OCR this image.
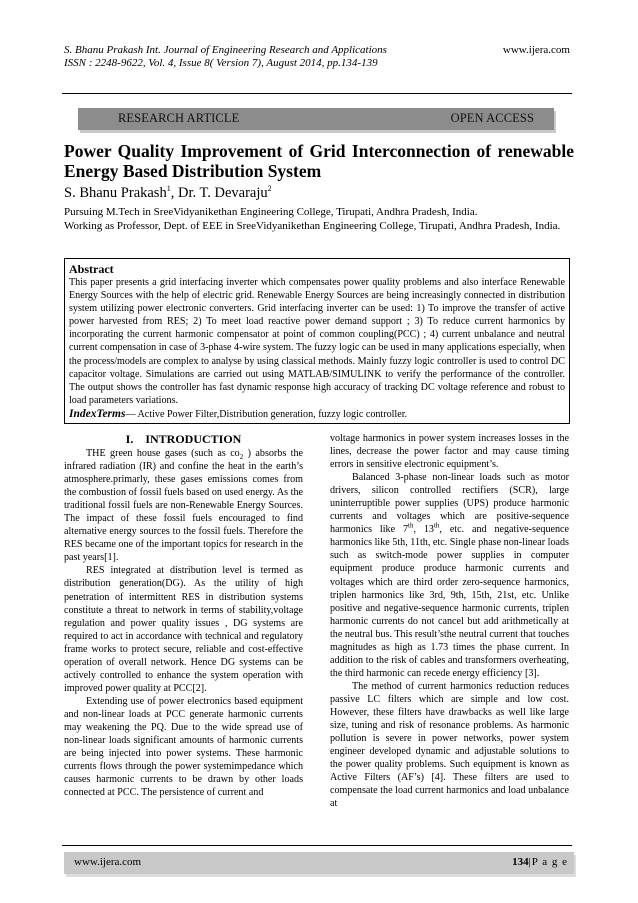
S. Bhanu Prakash Int. Journal of Engineering Research and Applications
ISSN : 2248-9622, Vol. 4, Issue 8( Version 7), August 2014, pp.134-139
www.ijera.com
RESEARCH ARTICLE	OPEN ACCESS
Power Quality Improvement of Grid Interconnection of renewable Energy Based Distribution System
S. Bhanu Prakash$^1$, Dr. T. Devaraju$^2$
Pursuing M.Tech in SreeVidyanikethan Engineering College, Tirupati, Andhra Pradesh, India.
Working as Professor, Dept. of EEE in SreeVidyanikethan Engineering College, Tirupati, Andhra Pradesh, India.
Abstract
This paper presents a grid interfacing inverter which compensates power quality problems and also interface Renewable Energy Sources with the help of electric grid. Renewable Energy Sources are being increasingly connected in distribution system utilizing power electronic converters. Grid interfacing inverter can be used: 1) To improve the transfer of active power harvested from RES; 2) To meet load reactive power demand support ; 3) To reduce current harmonics by incorporating the current harmonic compensator at point of common coupling(PCC) ; 4) current unbalance and neutral current compensation in case of 3-phase 4-wire system. The fuzzy logic can be used in many applications especially, when the process/models are complex to analyse by using classical methods. Mainly fuzzy logic controller is used to control DC capacitor voltage. Simulations are carried out using MATLAB/SIMULINK to verify the performance of the controller. The output shows the controller has fast dynamic response high accuracy of tracking DC voltage reference and robust to load parameters variations.
IndexTerms— Active Power Filter,Distribution generation, fuzzy logic controller.
I.    INTRODUCTION

THE green house gases (such as $co_2$ ) absorbs the infrared radiation (IR) and confine the heat in the earth’s atmosphere.primarly, these gases emissions comes from the combustion of fossil fuels based on used energy. As the traditional fossil fuels are non-Renewable Energy Sources. The impact of these fossil fuels encouraged to find alternative energy sources to the fossil fuels. Therefore the RES became one of the important topics for research in the past years[1].

RES integrated at distribution level is termed as distribution generation(DG). As the utility of high penetration of intermittent RES in distribution systems constitute a threat to network in terms of stability,voltage regulation and power quality issues , DG systems are required to act in accordance with technical and regulatory frame works to protect secure, reliable and cost-effective operation of overall network. Hence DG systems can be actively controlled to enhance the system operation with improved power quality at PCC[2].

Extending use of power electronics based equipment and non-linear loads at PCC generate harmonic currents may weakening the PQ. Due to the wide spread use of non-linear loads significant amounts of harmonic currents are being injected into power systems. These harmonic currents flows through the power systemimpedance which causes harmonic currents to be drawn by other loads connected at PCC. The persistence of current and

voltage harmonics in power system increases losses in the lines, decrease the power factor and may cause timing errors in sensitive electronic equipment’s.

Balanced 3-phase non-linear loads such as motor drivers, silicon controlled rectifiers (SCR), large uninterruptible power supplies (UPS) produce harmonic currents and voltages which are positive-sequence harmonics like 7th, 13th, etc. and negative-sequence harmonics like 5th, 11th, etc. Single phase non-linear loads such as switch-mode power supplies in computer equipment produce produce harmonic currents and voltages which are third order zero-sequence harmonics, triplen harmonics like 3rd, 9th, 15th, 21st, etc. Unlike positive and negative-sequence harmonic currents, triplen harmonic currents do not cancel but add arithmetically at the neutral bus. This result’sthe neutral current that touches magnitudes as high as 1.73 times the phase current. In addition to the risk of cables and transformers overheating, the third harmonic can recede energy efficiency [3].

The method of current harmonics reduction reduces passive LC filters which are simple and low cost. However, these filters have drawbacks as well like large size, tuning and risk of resonance problems. As harmonic pollution is severe in power networks, power system engineer developed dynamic and adjustable solutions to the power quality problems. Such equipment is known as Active Filters (AF’s) [4]. These filters are used to compensate the load current harmonics and load unbalance at

www.ijera.com	134|P a g e
